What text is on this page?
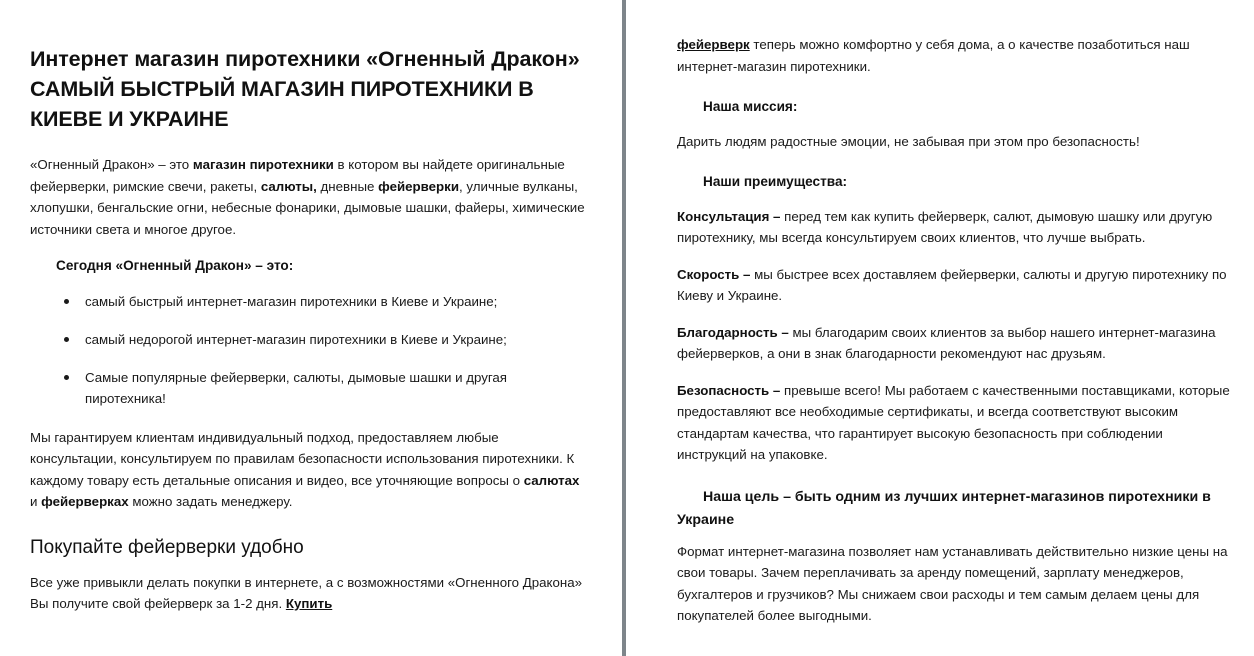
Интернет магазин пиротехники «Огненный Дракон» САМЫЙ БЫСТРЫЙ МАГАЗИН ПИРОТЕХНИКИ В КИЕВЕ И УКРАИНЕ

«Огненный Дракон» – это магазин пиротехники в котором вы найдете оригинальные фейерверки, римские свечи, ракеты, салюты, дневные фейерверки, уличные вулканы, хлопушки, бенгальские огни, небесные фонарики, дымовые шашки, файеры, химические источники света и многое другое.

Сегодня «Огненный Дракон» – это:

самый быстрый интернет-магазин пиротехники в Киеве и Украине;
самый недорогой интернет-магазин пиротехники в Киеве и Украине;
Самые популярные фейерверки, салюты, дымовые шашки и другая пиротехника!

Мы гарантируем клиентам индивидуальный подход, предоставляем любые консультации, консультируем по правилам безопасности использования пиротехники. К каждому товару есть детальные описания и видео, все уточняющие вопросы о салютах и фейерверках можно задать менеджеру.

Покупайте фейерверки удобно

Все уже привыкли делать покупки в интернете, а с возможностями «Огненного Дракона» Вы получите свой фейерверк за 1-2 дня. Купить

фейерверк теперь можно комфортно у себя дома, а о качестве позаботиться наш интернет-магазин пиротехники.

Наша миссия:

Дарить людям радостные эмоции, не забывая при этом про безопасность!

Наши преимущества:

Консультация – перед тем как купить фейерверк, салют, дымовую шашку или другую пиротехнику, мы всегда консультируем своих клиентов, что лучше выбрать.

Скорость – мы быстрее всех доставляем фейерверки, салюты и другую пиротехнику по Киеву и Украине.

Благодарность – мы благодарим своих клиентов за выбор нашего интернет-магазина фейерверков, а они в знак благодарности рекомендуют нас друзьям.

Безопасность – превыше всего! Мы работаем с качественными поставщиками, которые предоставляют все необходимые сертификаты, и всегда соответствуют высоким стандартам качества, что гарантирует высокую безопасность при соблюдении инструкций на упаковке.

Наша цель – быть одним из лучших интернет-магазинов пиротехники в Украине

Формат интернет-магазина позволяет нам устанавливать действительно низкие цены на свои товары. Зачем переплачивать за аренду помещений, зарплату менеджеров, бухгалтеров и грузчиков? Мы снижаем свои расходы и тем самым делаем цены для покупателей более выгодными.
